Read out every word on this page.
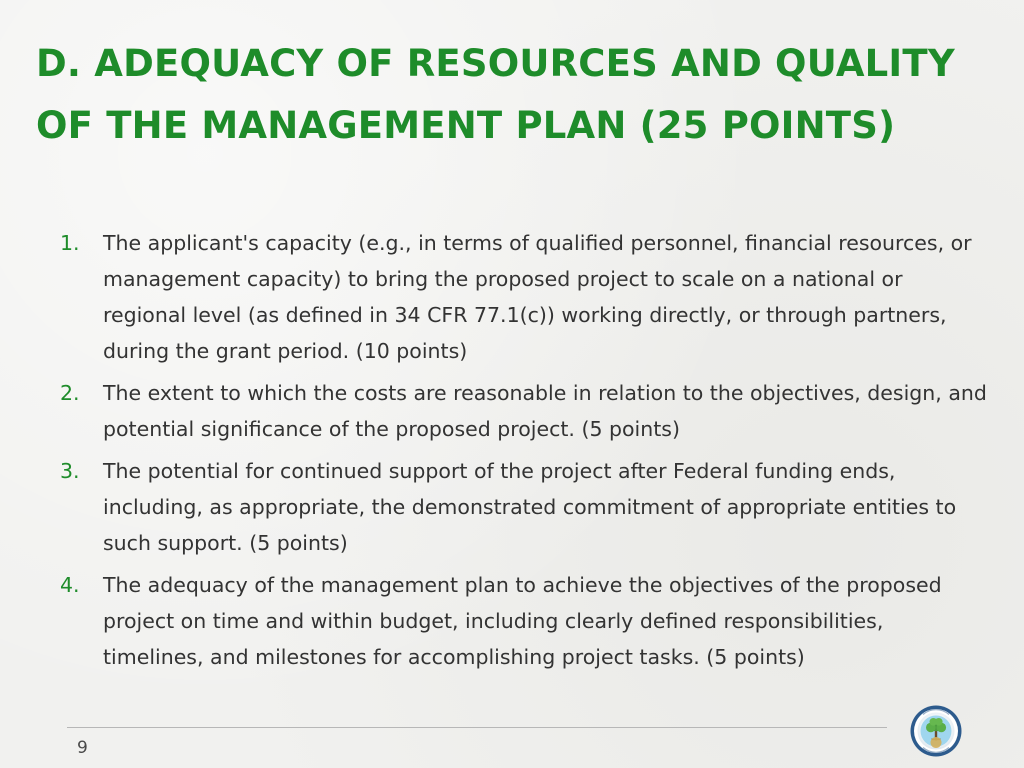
D. ADEQUACY OF RESOURCES AND QUALITY OF THE MANAGEMENT PLAN (25 POINTS)
1.	The applicant's capacity (e.g., in terms of qualified personnel, financial resources, or management capacity) to bring the proposed project to scale on a national or regional level (as defined in 34 CFR 77.1(c)) working directly, or through partners, during the grant period. (10 points)
2.	The extent to which the costs are reasonable in relation to the objectives, design, and potential significance of the proposed project. (5 points)
3.	The potential for continued support of the project after Federal funding ends, including, as appropriate, the demonstrated commitment of appropriate entities to such support. (5 points)
4.	The adequacy of the management plan to achieve the objectives of the proposed project on time and within budget, including clearly defined responsibilities, timelines, and milestones for accomplishing project tasks. (5 points)
9
